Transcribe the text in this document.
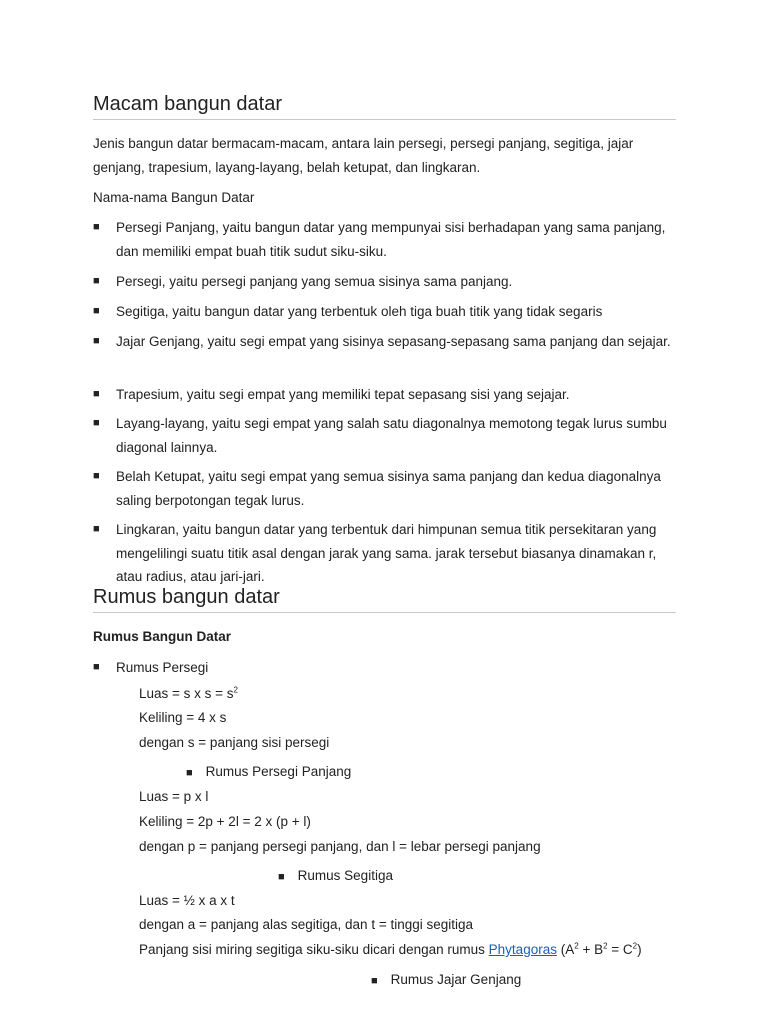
Macam bangun datar
Jenis bangun datar bermacam-macam, antara lain persegi, persegi panjang, segitiga, jajar genjang, trapesium, layang-layang, belah ketupat, dan lingkaran.
Nama-nama Bangun Datar
■	Persegi Panjang, yaitu bangun datar yang mempunyai sisi berhadapan yang sama panjang, dan memiliki empat buah titik sudut siku-siku.
■	Persegi, yaitu persegi panjang yang semua sisinya sama panjang.
■	Segitiga, yaitu bangun datar yang terbentuk oleh tiga buah titik yang tidak segaris
■	Jajar Genjang, yaitu segi empat yang sisinya sepasang-sepasang sama panjang dan sejajar.
■	Trapesium, yaitu segi empat yang memiliki tepat sepasang sisi yang sejajar.
■	Layang-layang, yaitu segi empat yang salah satu diagonalnya memotong tegak lurus sumbu diagonal lainnya.
■	Belah Ketupat, yaitu segi empat yang semua sisinya sama panjang dan kedua diagonalnya saling berpotongan tegak lurus.
■	Lingkaran, yaitu bangun datar yang terbentuk dari himpunan semua titik persekitaran yang mengelilingi suatu titik asal dengan jarak yang sama. jarak tersebut biasanya dinamakan r, atau radius, atau jari-jari.
Rumus bangun datar
Rumus Bangun Datar
■	Rumus Persegi
Luas = s x $s = s^2$
Keliling = 4 x s
dengan s = panjang sisi persegi
■ Rumus Persegi Panjang
Luas = p x l
Keliling = 2p + 2l = 2 x (p + l)
dengan p = panjang persegi panjang, dan l = lebar persegi panjang
■ Rumus Segitiga
Luas = ½ x a x t
dengan a = panjang alas segitiga, dan t = tinggi segitiga
Panjang sisi miring segitiga siku-siku dicari dengan rumus Phytagoras $(A^2 + B^2 = C^2)$
■ Rumus Jajar Genjang
